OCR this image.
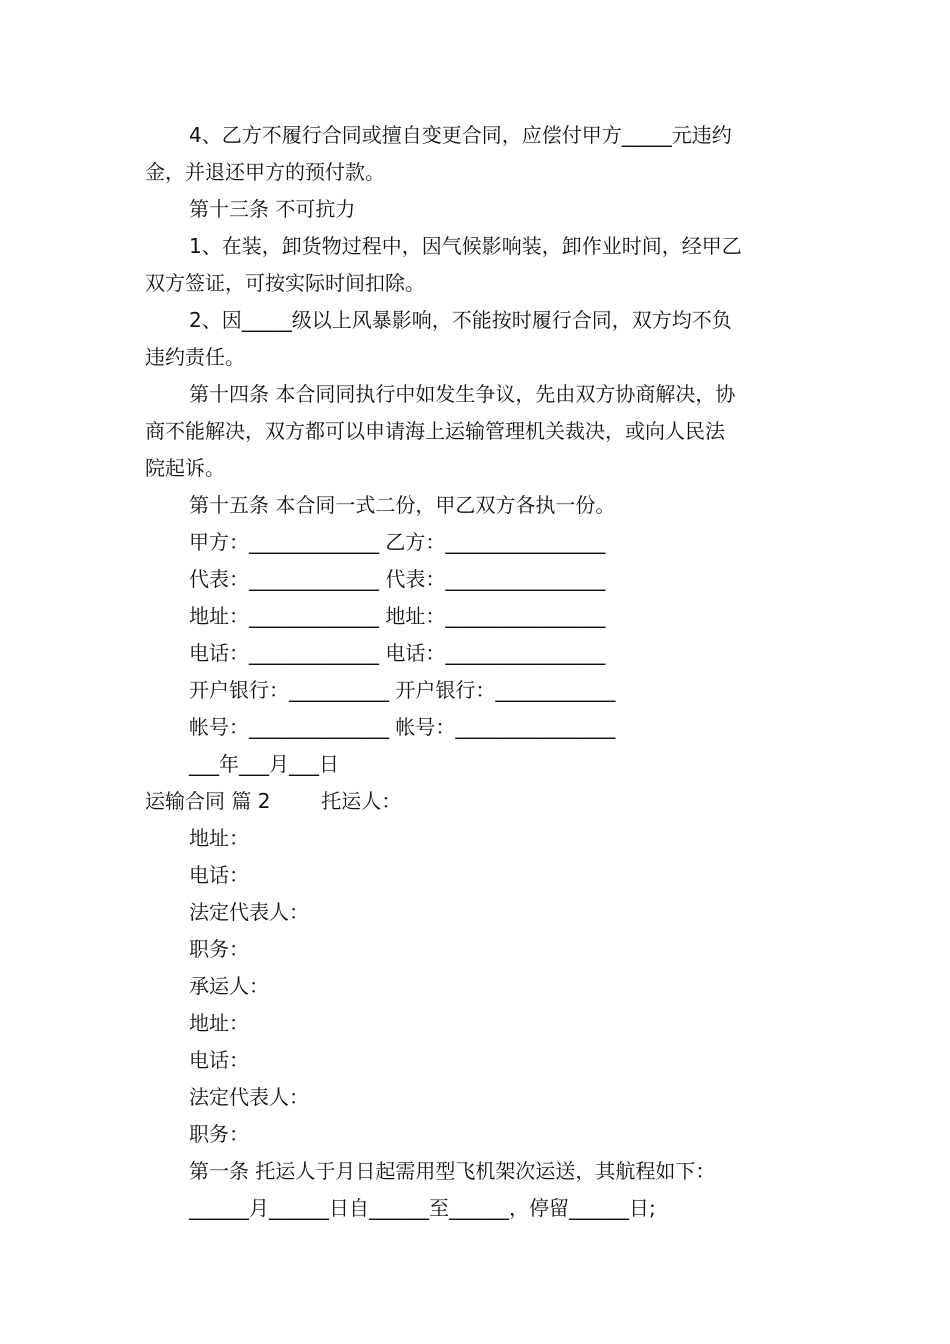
4、乙方不履行合同或擅自变更合同，应偿付甲方_____元违约
金，并退还甲方的预付款。
第十三条 不可抗力
1、在装，卸货物过程中，因气候影响装，卸作业时间，经甲乙
双方签证，可按实际时间扣除。
2、因_____级以上风暴影响，不能按时履行合同，双方均不负
违约责任。
第十四条 本合同同执行中如发生争议，先由双方协商解决，协
商不能解决，双方都可以申请海上运输管理机关裁决，或向人民法
院起诉。
第十五条 本合同一式二份，甲乙双方各执一份。
甲方：_____________ 乙方：________________
代表：_____________ 代表：________________
地址：_____________ 地址：________________
电话：_____________ 电话：________________
开户银行：__________ 开户银行：____________
帐号：______________ 帐号：________________
___年___月___日
运输合同 篇 2        托运人：
地址：
电话：
法定代表人：
职务：
承运人：
地址：
电话：
法定代表人：
职务：
第一条 托运人于月日起需用型飞机架次运送，其航程如下：
______月______日自______至______，停留______日;
